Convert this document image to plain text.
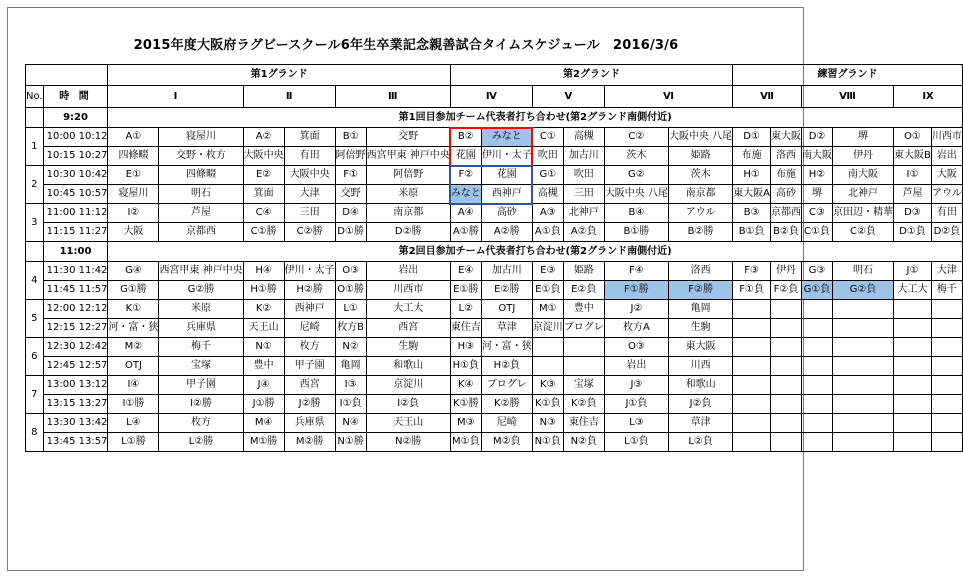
2015年度大阪府ラグビースクール6年生卒業記念親善試合タイムスケジュール　2016/3/6
		第1グランド						第2グランド						練習グランド					
No.	時 間	Ⅰ		Ⅱ		Ⅲ		Ⅳ		Ⅴ		Ⅵ		Ⅶ		Ⅷ		Ⅸ	
	9:20	第1回目参加チーム代表者打ち合わせ(第2グランド南側付近)																	
1	10:00 10:12	A①	寝屋川	A②	箕面	B①	交野	B②	みなと	C①	高槻	C②	大阪中央 八尾	D①	東大阪	D②	堺	O①	川西市
	10:15 10:27	四條畷	交野・枚方	大阪中央	有田	阿倍野	西宮甲東 神戸中央	花園	伊川・太子	吹田	加古川	茨木	姫路	布施	洛西	南大阪	伊丹	東大阪B	岩出
2	10:30 10:42	E①	四條畷	E②	大阪中央	F①	阿倍野	F②	花園	G①	吹田	G②	茨木	H①	布施	H②	南大阪	I①	大阪
	10:45 10:57	寝屋川	明石	箕面	大津	交野	米原	みなと	西神戸	高槻	三田	大阪中央 八尾	南京都	東大阪A	高砂	堺	北神戸	芦屋	アウル
3	11:00 11:12	I②	芦屋	C④	三田	D④	南京都	A④	高砂	A③	北神戸	B④	アウル	B③	京都西	C③	京田辺・精華	D③	有田
	11:15 11:27	大阪	京都西	C①勝	C②勝	D①勝	D②勝	A①勝	A②勝	A①負	A②負	B①勝	B②勝	B①負	B②負	C①負	C②負	D①負	D②負
	11:00	第2回目参加チーム代表者打ち合わせ(第2グランド南側付近)																	
4	11:30 11:42	G④	西宮甲東 神戸中央	H④	伊川・太子	O③	岩出	E④	加古川	E③	姫路	F④	洛西	F③	伊丹	G③	明石	J①	大津
	11:45 11:57	G①勝	G②勝	H①勝	H②勝	O①勝	川西市	E①勝	E②勝	E①負	E②負	F①勝	F②勝	F①負	F②負	G①負	G②負	大工大	梅千
5	12:00 12:12	K①	米原	K②	西神戸	L①	大工大	L②	OTJ	M①	豊中	J②	亀岡						
	12:15 12:27	河・富・狭	兵庫県	天王山	尼崎	枚方B	西宮	東住吉	草津	京淀川	ブログレ	枚方A	生駒						
6	12:30 12:42	M②	梅千	N①	枚方	N②	生駒	H③	河・富・狭			O③	東大阪						
	12:45 12:57	OTJ	宝塚	豊中	甲子園	亀岡	和歌山	H①負	H②負			岩出	川西						
7	13:00 13:12	I④	甲子園	J④	西宮	I③	京淀川	K④	ブログレ	K③	宝塚	J③	和歌山						
	13:15 13:27	I①勝	I②勝	J①勝	J②勝	I①負	I②負	K①勝	K②勝	K①負	K②負	J①負	J②負						
8	13:30 13:42	L④	枚方	M④	兵庫県	N④	天王山	M③	尼崎	N③	東住吉	L③	草津						
	13:45 13:57	L①勝	L②勝	M①勝	M②勝	N①勝	N②勝	M①負	M②負	N①負	N②負	L①負	L②負						
